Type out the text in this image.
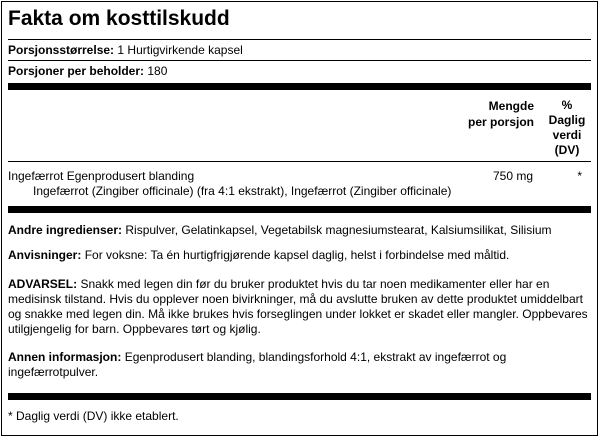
Fakta om kosttilskudd
Porsjonsstørrelse: 1 Hurtigvirkende kapsel
Porsjoner per beholder: 180
Mengde
per porsjon
%
Daglig
verdi
(DV)
Ingefærrot Egenprodusert blanding
Ingefærrot (Zingiber officinale) (fra 4:1 ekstrakt), Ingefærrot (Zingiber officinale)
750 mg	*
Andre ingredienser: Rispulver, Gelatinkapsel, Vegetabilsk magnesiumstearat, Kalsiumsilikat, Silisium
Anvisninger: For voksne: Ta én hurtigfrigjørende kapsel daglig, helst i forbindelse med måltid.
ADVARSEL: Snakk med legen din før du bruker produktet hvis du tar noen medikamenter eller har en medisinsk tilstand. Hvis du opplever noen bivirkninger, må du avslutte bruken av dette produktet umiddelbart og snakke med legen din. Må ikke brukes hvis forseglingen under lokket er skadet eller mangler. Oppbevares utilgjengelig for barn. Oppbevares tørt og kjølig.
Annen informasjon: Egenprodusert blanding, blandingsforhold 4:1, ekstrakt av ingefærrot og ingefærrotpulver.
* Daglig verdi (DV) ikke etablert.
